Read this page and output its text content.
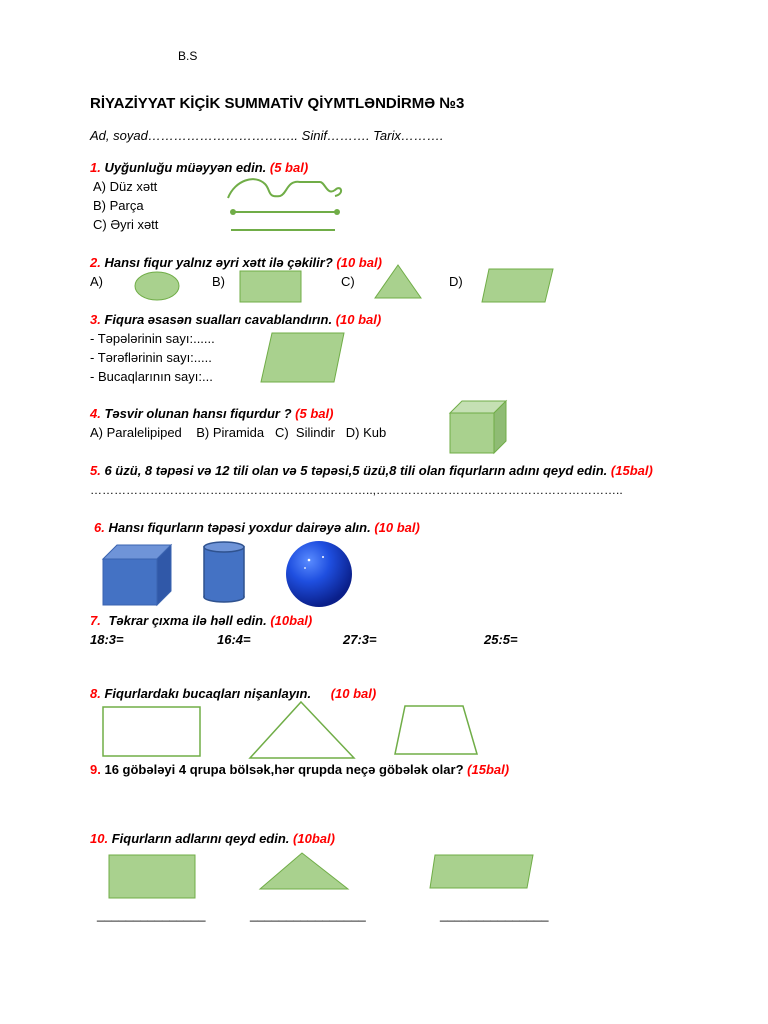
B.S
RİYAZİYYAT KİÇİK SUMMATİV QİYMTLƏNDİRMƏ №3
Ad, soyad…………………………….. Sinif………. Tarix……….
1. Uyğunluğu müəyyən edin. (5 bal)
A) Düz xətt
B) Parça
C) Əyri xətt
2. Hansı fiqur yalnız əyri xətt ilə çəkilir? (10 bal)
A)	B)	C)	D)
3. Fiqura əsasən sualları cavablandırın. (10 bal)
- Təpələrinin sayı:......
- Tərəflərinin sayı:.....
- Bucaqlarının sayı:...
4. Təsvir olunan hansı fiqurdur ? (5 bal)
A) Paralelipiped    B) Piramida   C)  Silindir   D) Kub
5. 6 üzü, 8 təpəsi və 12 tili olan və 5 təpəsi,5 üzü,8 tili olan fiqurların adını qeyd edin. (15bal)
……………………………………………………………..,……………………………………………………..
6. Hansı fiqurların təpəsi yoxdur dairəyə alın. (10 bal)
7. Təkrar çıxma ilə həll edin. (10bal)
18:3=	16:4=	27:3=	25:5=
8. Fiqurlardakı bucaqları nişanlayın. (10 bal)
9. 16 göbələyi 4 qrupa bölsək,hər qrupda neçə göbələk olar? (15bal)
10. Fiqurların adlarını qeyd edin. (10bal)
_______________	________________	_______________
